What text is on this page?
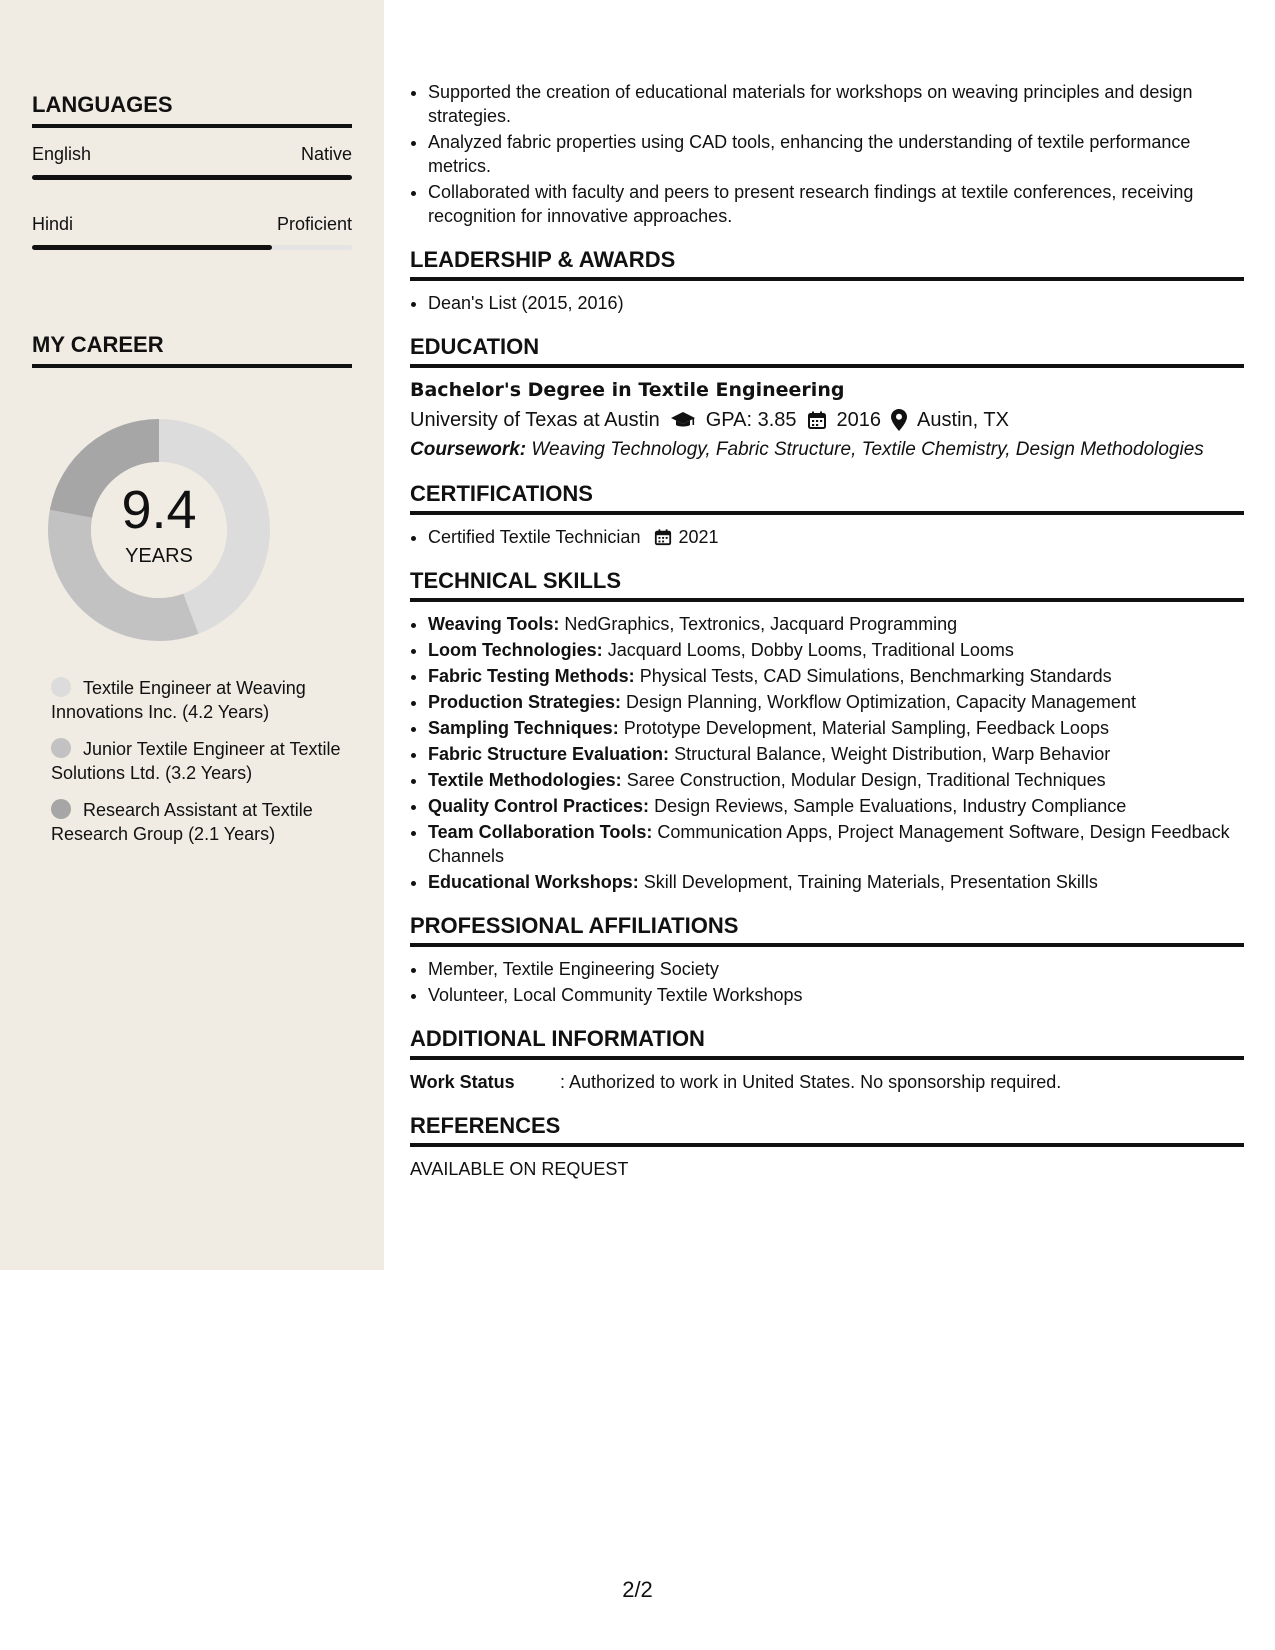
LANGUAGES
English	Native
Hindi	Proficient
MY CAREER
9.4
YEARS
Textile Engineer at Weaving Innovations Inc. (4.2 Years)
Junior Textile Engineer at Textile Solutions Ltd. (3.2 Years)
Research Assistant at Textile Research Group (2.1 Years)
• Supported the creation of educational materials for workshops on weaving principles and design strategies.
• Analyzed fabric properties using CAD tools, enhancing the understanding of textile performance metrics.
• Collaborated with faculty and peers to present research findings at textile conferences, receiving recognition for innovative approaches.
LEADERSHIP & AWARDS
• Dean's List (2015, 2016)
EDUCATION
Bachelor's Degree in Textile Engineering
University of Texas at Austin GPA: 3.85 2016 Austin, TX
Coursework: Weaving Technology, Fabric Structure, Textile Chemistry, Design Methodologies
CERTIFICATIONS
• Certified Textile Technician 2021
TECHNICAL SKILLS
• Weaving Tools: NedGraphics, Textronics, Jacquard Programming
• Loom Technologies: Jacquard Looms, Dobby Looms, Traditional Looms
• Fabric Testing Methods: Physical Tests, CAD Simulations, Benchmarking Standards
• Production Strategies: Design Planning, Workflow Optimization, Capacity Management
• Sampling Techniques: Prototype Development, Material Sampling, Feedback Loops
• Fabric Structure Evaluation: Structural Balance, Weight Distribution, Warp Behavior
• Textile Methodologies: Saree Construction, Modular Design, Traditional Techniques
• Quality Control Practices: Design Reviews, Sample Evaluations, Industry Compliance
• Team Collaboration Tools: Communication Apps, Project Management Software, Design Feedback Channels
• Educational Workshops: Skill Development, Training Materials, Presentation Skills
PROFESSIONAL AFFILIATIONS
• Member, Textile Engineering Society
• Volunteer, Local Community Textile Workshops
ADDITIONAL INFORMATION
Work Status	: Authorized to work in United States. No sponsorship required.
REFERENCES
AVAILABLE ON REQUEST
2/2
